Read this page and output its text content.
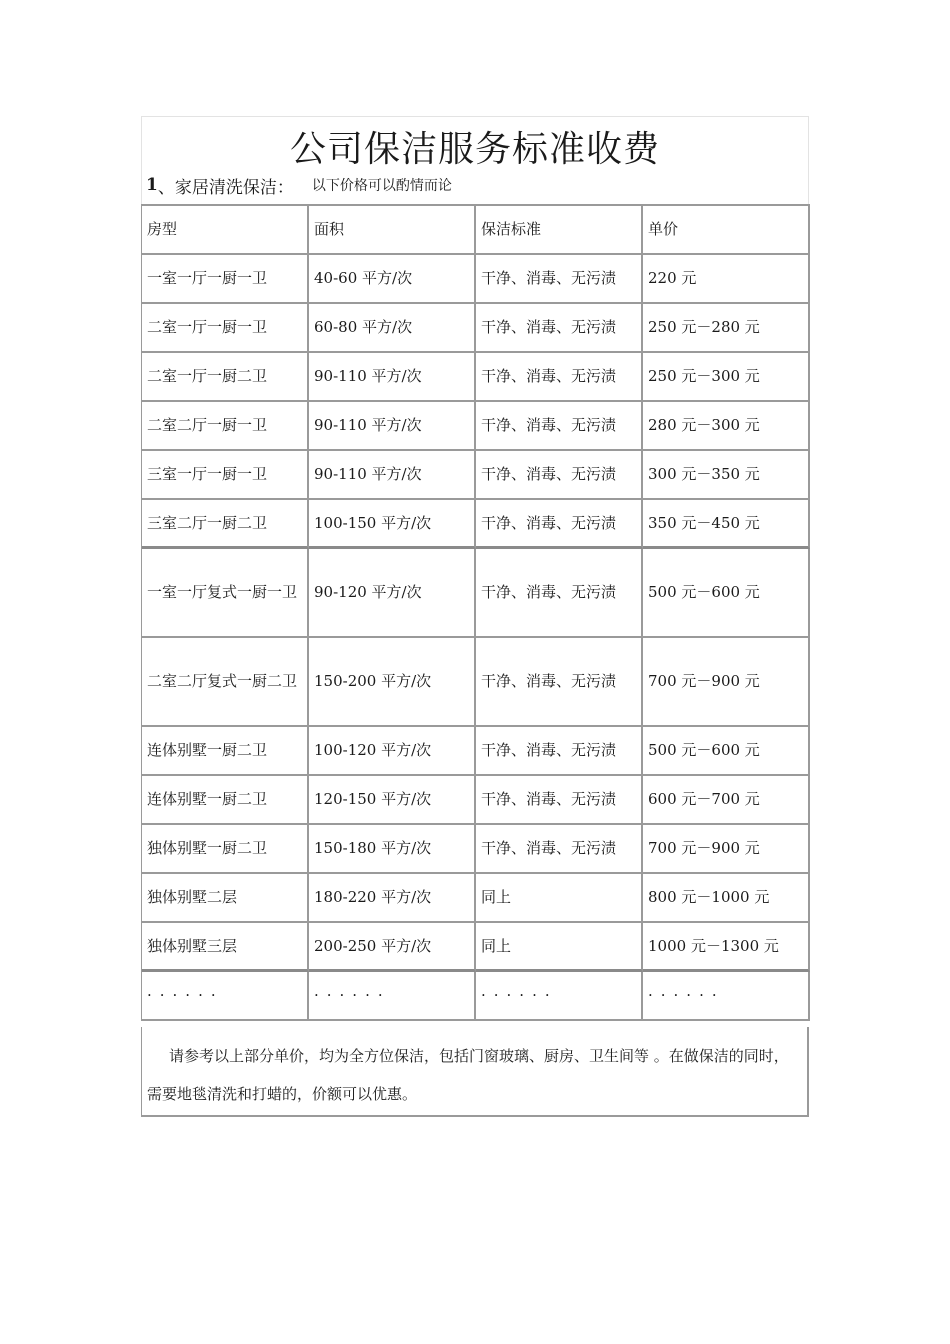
公司保洁服务标准收费
1 、家居清洗保洁： 以下价格可以酌情而论
房型	面积	保洁标准	单价
一室一厅一厨一卫	40-60 平方/次	干净、消毒、无污渍	220 元
二室一厅一厨一卫	60-80 平方/次	干净、消毒、无污渍	250 元－280 元
二室一厅一厨二卫	90-110 平方/次	干净、消毒、无污渍	250 元－300 元
二室二厅一厨一卫	90-110 平方/次	干净、消毒、无污渍	280 元－300 元
三室一厅一厨一卫	90-110 平方/次	干净、消毒、无污渍	300 元－350 元
三室二厅一厨二卫	100-150 平方/次	干净、消毒、无污渍	350 元－450 元
一室一厅复式一厨一卫	90-120 平方/次	干净、消毒、无污渍	500 元－600 元
二室二厅复式一厨二卫	150-200 平方/次	干净、消毒、无污渍	700 元－900 元
连体别墅一厨二卫	100-120 平方/次	干净、消毒、无污渍	500 元－600 元
连体别墅一厨二卫	120-150 平方/次	干净、消毒、无污渍	600 元－700 元
独体别墅一厨二卫	150-180 平方/次	干净、消毒、无污渍	700 元－900 元
独体别墅二层	180-220 平方/次	同上	800 元－1000 元
独体别墅三层	200-250 平方/次	同上	1000 元－1300 元
······	······	······	······

请参考以上部分单价，均为全方位保洁，包括门窗玻璃、厨房、卫生间等 。在做保洁的同时，需要地毯清洗和打蜡的，价额可以优惠。
